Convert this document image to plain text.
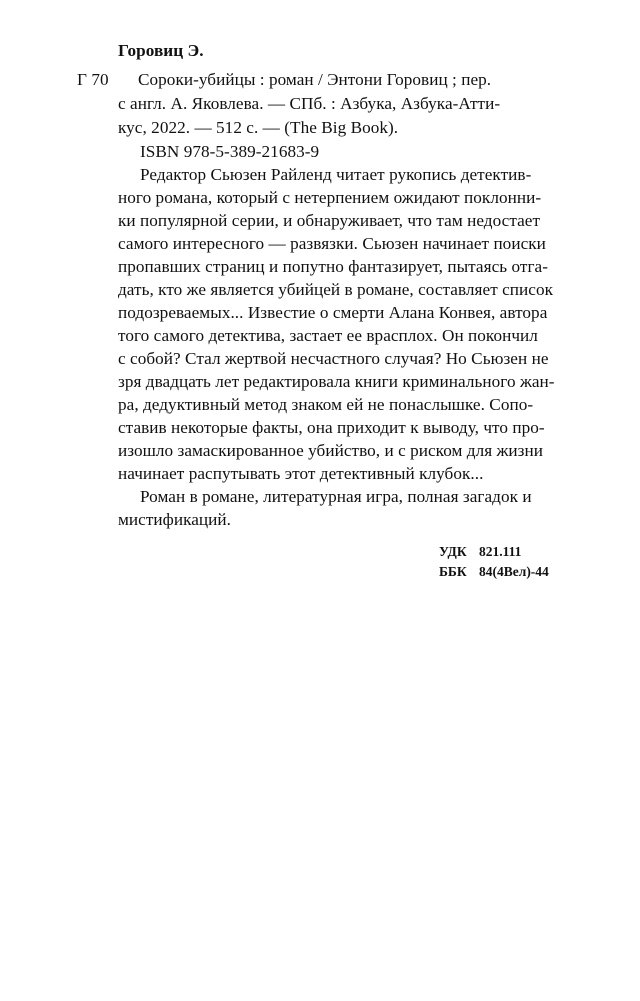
Горовиц Э.
Г 70 Сороки-убийцы : роман / Энтони Горовиц ; пер.
с англ. А. Яковлева. — СПб. : Азбука, Азбука-Атти-
кус, 2022. — 512 с. — (The Big Book).
ISBN 978-5-389-21683-9
Редактор Сьюзен Райленд читает рукопись детектив-
ного романа, который с нетерпением ожидают поклонни-
ки популярной серии, и обнаруживает, что там недостает
самого интересного — развязки. Сьюзен начинает поиски
пропавших страниц и попутно фантазирует, пытаясь отга-
дать, кто же является убийцей в романе, составляет список
подозреваемых... Известие о смерти Алана Конвея, автора
того самого детектива, застает ее врасплох. Он покончил
с собой? Стал жертвой несчастного случая? Но Сьюзен не
зря двадцать лет редактировала книги криминального жан-
ра, дедуктивный метод знаком ей не понаслышке. Сопо-
ставив некоторые факты, она приходит к выводу, что про-
изошло замаскированное убийство, и с риском для жизни
начинает распутывать этот детективный клубок...
Роман в романе, литературная игра, полная загадок и
мистификаций.
УДК 821.111
ББК 84(4Вел)-44
